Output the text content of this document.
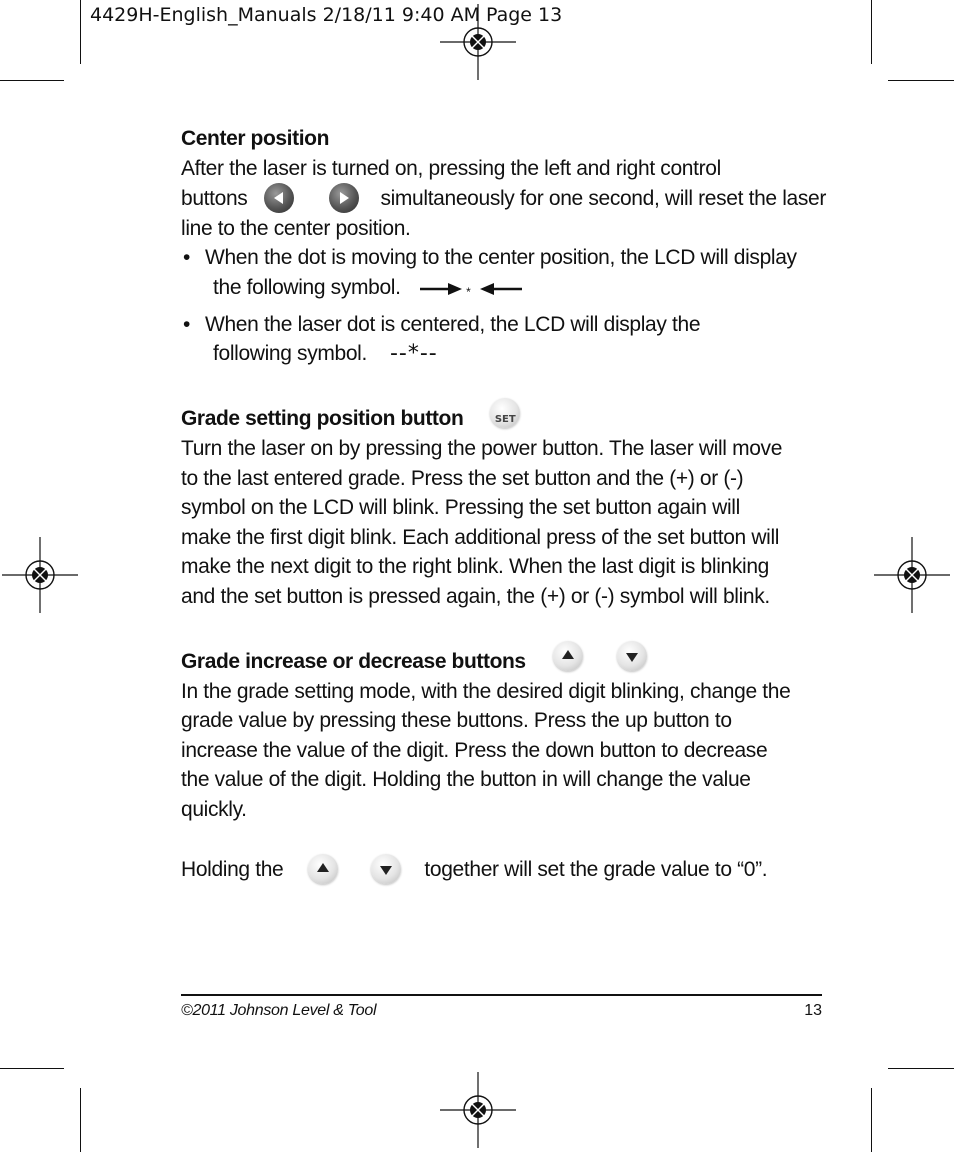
4429H-English_Manuals 2/18/11 9:40 AM Page 13

Center position

After the laser is turned on, pressing the left and right control

buttons
	simultaneously for one second, will reset the laser

line to the center position.

• When the dot is moving to the center position, the LCD will display

the following symbol.	*

• When the laser dot is centered, the LCD will display the

following symbol. --*--

Grade setting position button	SET

Turn the laser on by pressing the power button. The laser will move

to the last entered grade. Press the set button and the (+) or (-)

symbol on the LCD will blink. Pressing the set button again will

make the first digit blink. Each additional press of the set button will

make the next digit to the right blink. When the last digit is blinking

and the set button is pressed again, the (+) or (-) symbol will blink.

Grade increase or decrease buttons

In the grade setting mode, with the desired digit blinking, change the

grade value by pressing these buttons. Press the up button to

increase the value of the digit. Press the down button to decrease

the value of the digit. Holding the button in will change the value

quickly.

Holding the
	together will set the grade value to “0”.

©2011 Johnson Level & Tool	13
